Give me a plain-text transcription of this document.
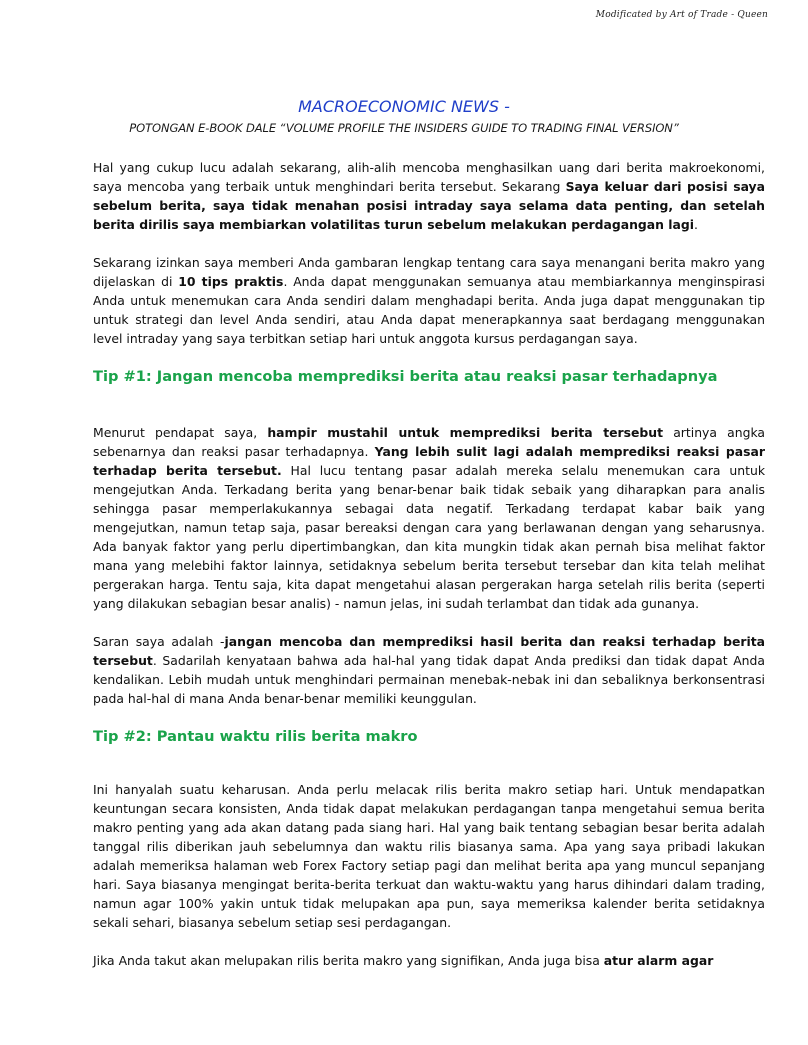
Modificated by Art of Trade - Queen
MACROECONOMIC NEWS -
POTONGAN E-BOOK DALE “VOLUME PROFILE THE INSIDERS GUIDE TO TRADING FINAL VERSION”

Hal yang cukup lucu adalah sekarang, alih-alih mencoba menghasilkan uang dari berita makroekonomi, saya mencoba yang terbaik untuk menghindari berita tersebut. Sekarang Saya keluar dari posisi saya sebelum berita, saya tidak menahan posisi intraday saya selama data penting, dan setelah berita dirilis saya membiarkan volatilitas turun sebelum melakukan perdagangan lagi.

Sekarang izinkan saya memberi Anda gambaran lengkap tentang cara saya menangani berita makro yang dijelaskan di 10 tips praktis. Anda dapat menggunakan semuanya atau membiarkannya menginspirasi Anda untuk menemukan cara Anda sendiri dalam menghadapi berita. Anda juga dapat menggunakan tip untuk strategi dan level Anda sendiri, atau Anda dapat menerapkannya saat berdagang menggunakan level intraday yang saya terbitkan setiap hari untuk anggota kursus perdagangan saya.

Tip #1: Jangan mencoba memprediksi berita atau reaksi pasar terhadapnya

Menurut pendapat saya, hampir mustahil untuk memprediksi berita tersebut artinya angka sebenarnya dan reaksi pasar terhadapnya. Yang lebih sulit lagi adalah memprediksi reaksi pasar terhadap berita tersebut. Hal lucu tentang pasar adalah mereka selalu menemukan cara untuk mengejutkan Anda. Terkadang berita yang benar-benar baik tidak sebaik yang diharapkan para analis sehingga pasar memperlakukannya sebagai data negatif. Terkadang terdapat kabar baik yang mengejutkan, namun tetap saja, pasar bereaksi dengan cara yang berlawanan dengan yang seharusnya. Ada banyak faktor yang perlu dipertimbangkan, dan kita mungkin tidak akan pernah bisa melihat faktor mana yang melebihi faktor lainnya, setidaknya sebelum berita tersebut tersebar dan kita telah melihat pergerakan harga. Tentu saja, kita dapat mengetahui alasan pergerakan harga setelah rilis berita (seperti yang dilakukan sebagian besar analis) - namun jelas, ini sudah terlambat dan tidak ada gunanya.

Saran saya adalah -jangan mencoba dan memprediksi hasil berita dan reaksi terhadap berita tersebut. Sadarilah kenyataan bahwa ada hal-hal yang tidak dapat Anda prediksi dan tidak dapat Anda kendalikan. Lebih mudah untuk menghindari permainan menebak-nebak ini dan sebaliknya berkonsentrasi pada hal-hal di mana Anda benar-benar memiliki keunggulan.

Tip #2: Pantau waktu rilis berita makro

Ini hanyalah suatu keharusan. Anda perlu melacak rilis berita makro setiap hari. Untuk mendapatkan keuntungan secara konsisten, Anda tidak dapat melakukan perdagangan tanpa mengetahui semua berita makro penting yang ada akan datang pada siang hari. Hal yang baik tentang sebagian besar berita adalah tanggal rilis diberikan jauh sebelumnya dan waktu rilis biasanya sama. Apa yang saya pribadi lakukan adalah memeriksa halaman web Forex Factory setiap pagi dan melihat berita apa yang muncul sepanjang hari. Saya biasanya mengingat berita-berita terkuat dan waktu-waktu yang harus dihindari dalam trading, namun agar 100% yakin untuk tidak melupakan apa pun, saya memeriksa kalender berita setidaknya sekali sehari, biasanya sebelum setiap sesi perdagangan.

Jika Anda takut akan melupakan rilis berita makro yang signifikan, Anda juga bisa atur alarm agar
